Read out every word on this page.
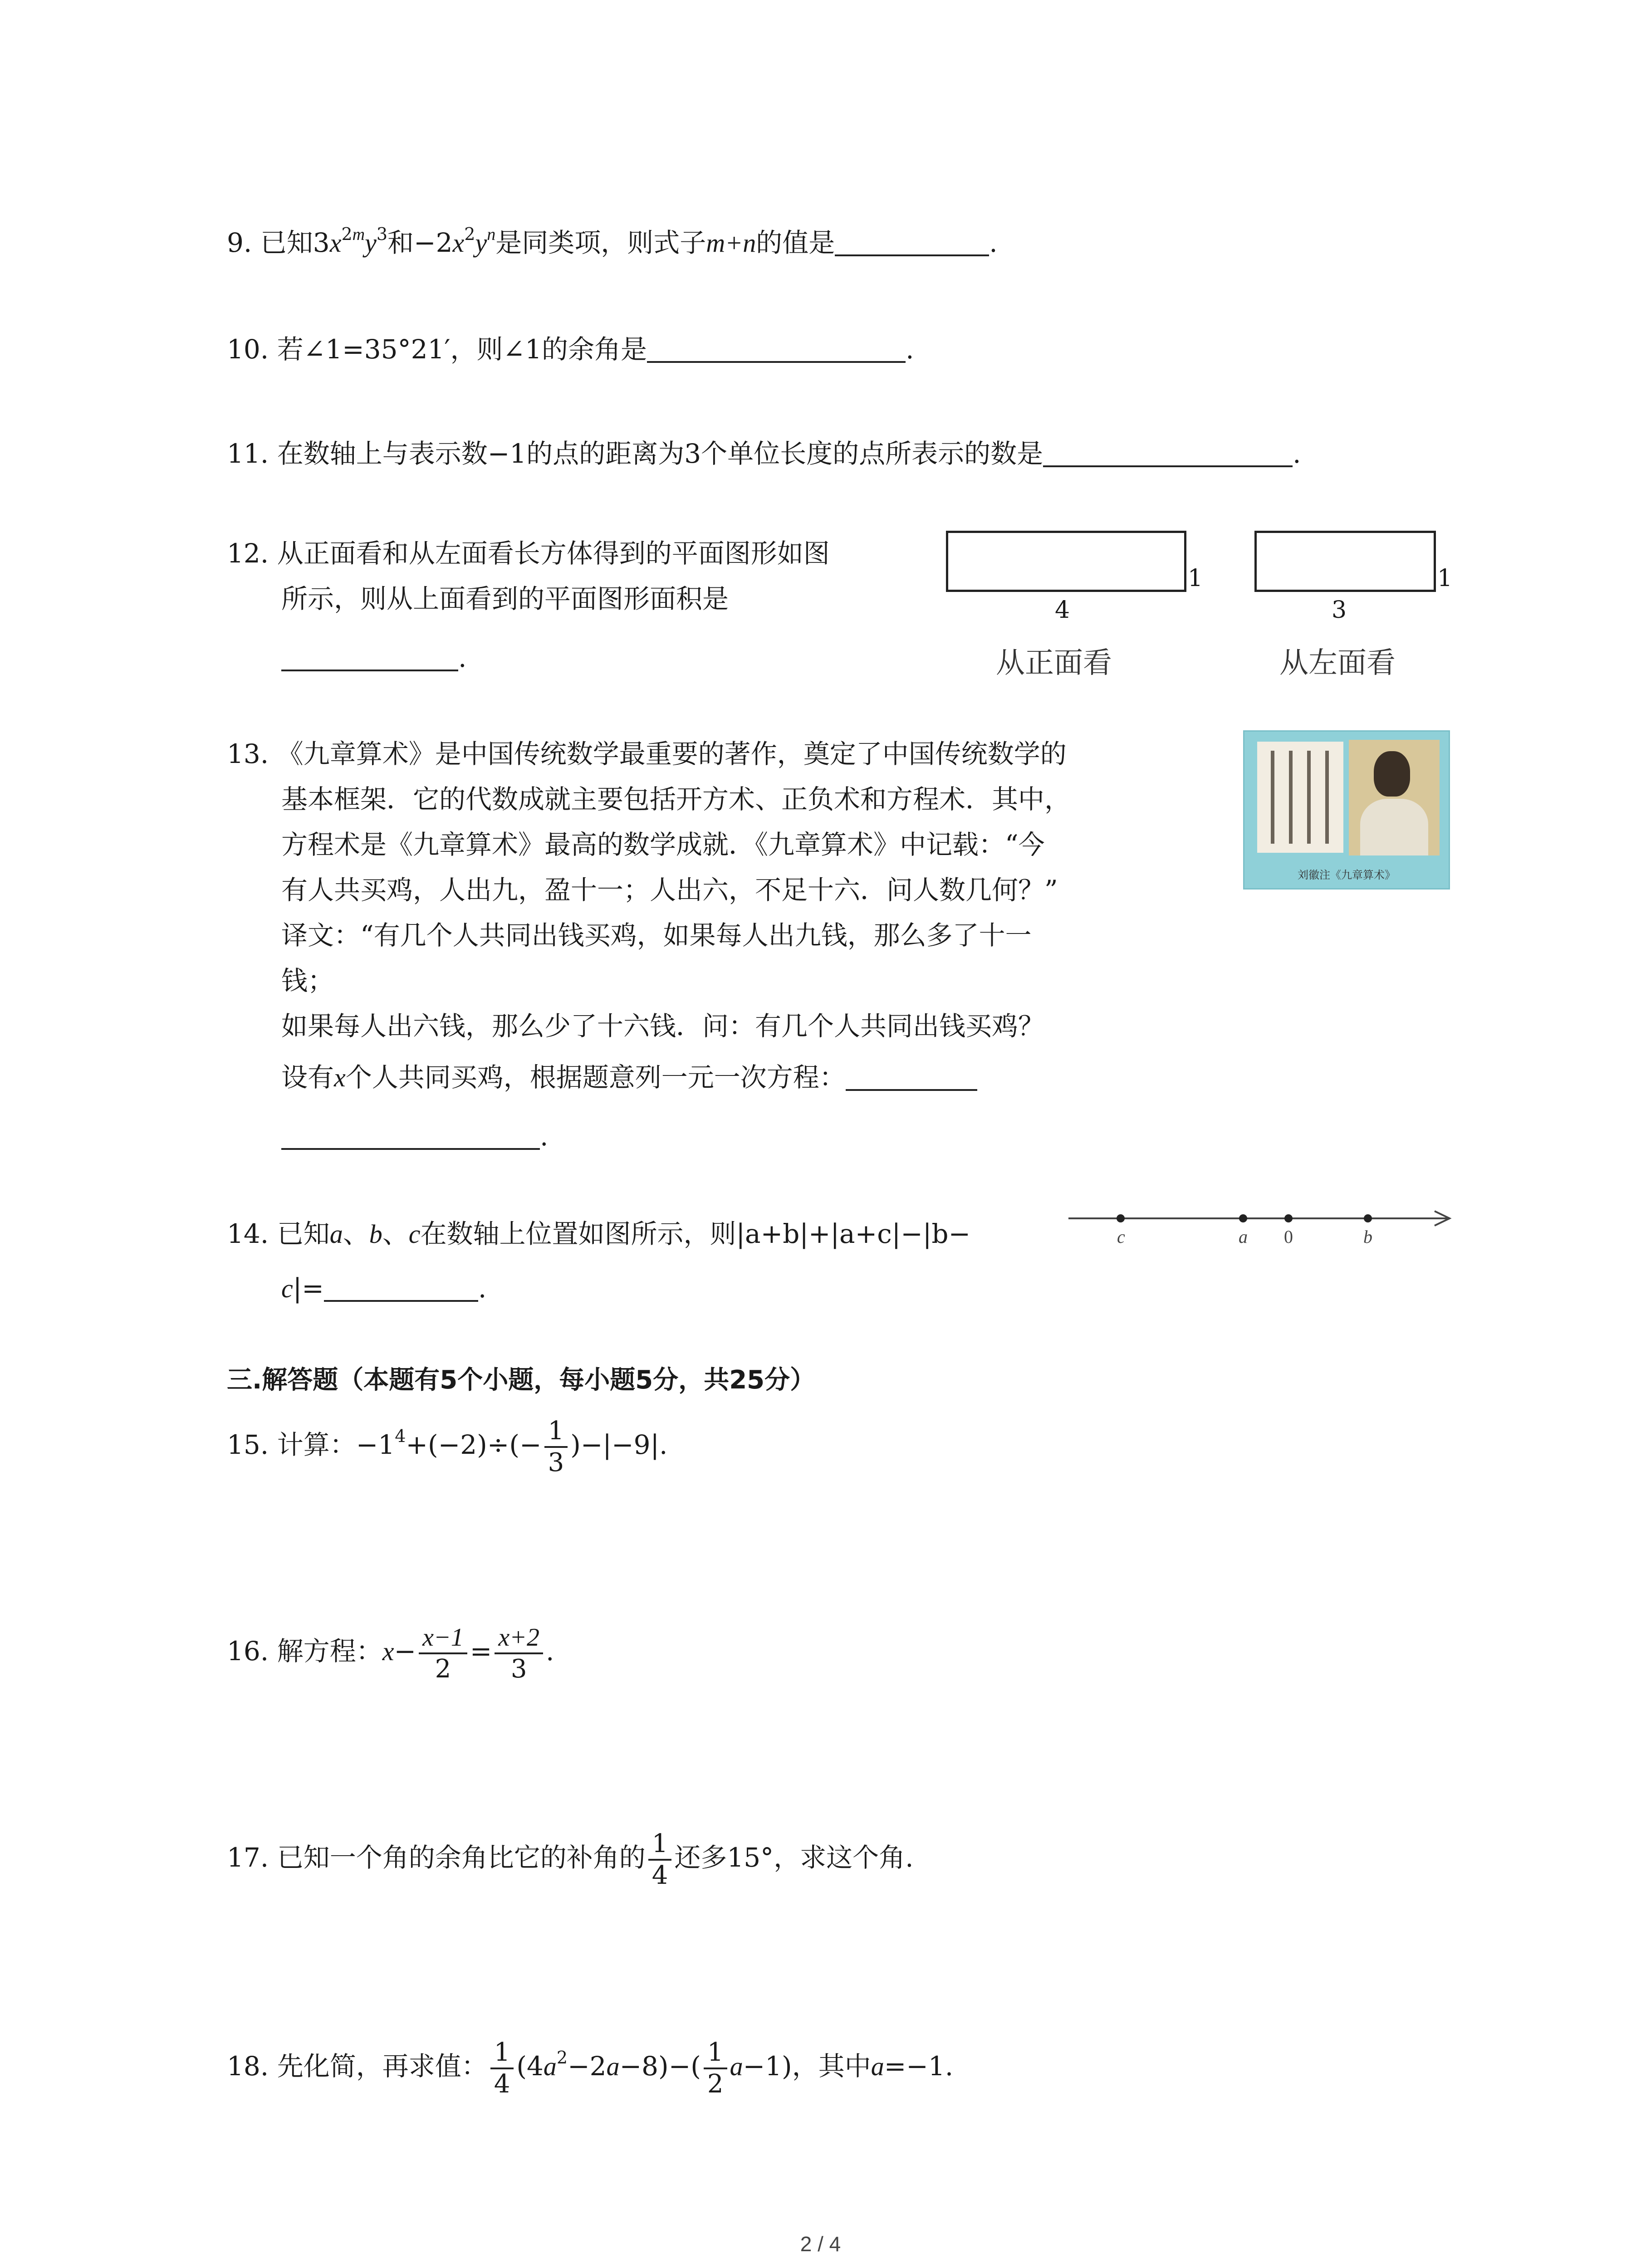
9. 已知$3x^{2m}y^3$和$-2x^2y^n$是同类项，则式子m+n的值是	.
10. 若∠1=35°21′，则∠1的余角是	.
11. 在数轴上与表示数−1的点的距离为3个单位长度的点所表示的数是	.
12. 从正面看和从左面看长方体得到的平面图形如图
所示，则从上面看到的平面图形面积是
.
4
1
从正面看
3
1
从左面看
13. 《九章算术》是中国传统数学最重要的著作，奠定了中国传统数学的
基本框架．它的代数成就主要包括开方术、正负术和方程术．其中，
方程术是《九章算术》最高的数学成就．《九章算术》中记载：“今
有人共买鸡，人出九，盈十一；人出六，不足十六．问人数几何？”
译文：“有几个人共同出钱买鸡，如果每人出九钱，那么多了十一
钱；
如果每人出六钱，那么少了十六钱．问：有几个人共同出钱买鸡？
设有x个人共同买鸡，根据题意列一元一次方程：
.
刘徽注《九章算术》
14. 已知a、b、c在数轴上位置如图所示，则|a+b|+|a+c|−|b−
c|=	.
c	a 0	b
三.解答题（本题有5个小题，每小题5分，共25分）
15. 计算：$-1^4+(-2)\div(- \frac{1}{3} )-|-9|$.
16. 解方程：$x- \frac{x-1}{2} = \frac{x+2}{3}$ .
17. 已知一个角的余角比它的补角的 $\frac{1}{4}$ 还多15°，求这个角.
18. 先化简，再求值： $\frac{1}{4} (4a^2-2a-8)-( \frac{1}{2} a-1)$，其中a=−1.
2 / 4
